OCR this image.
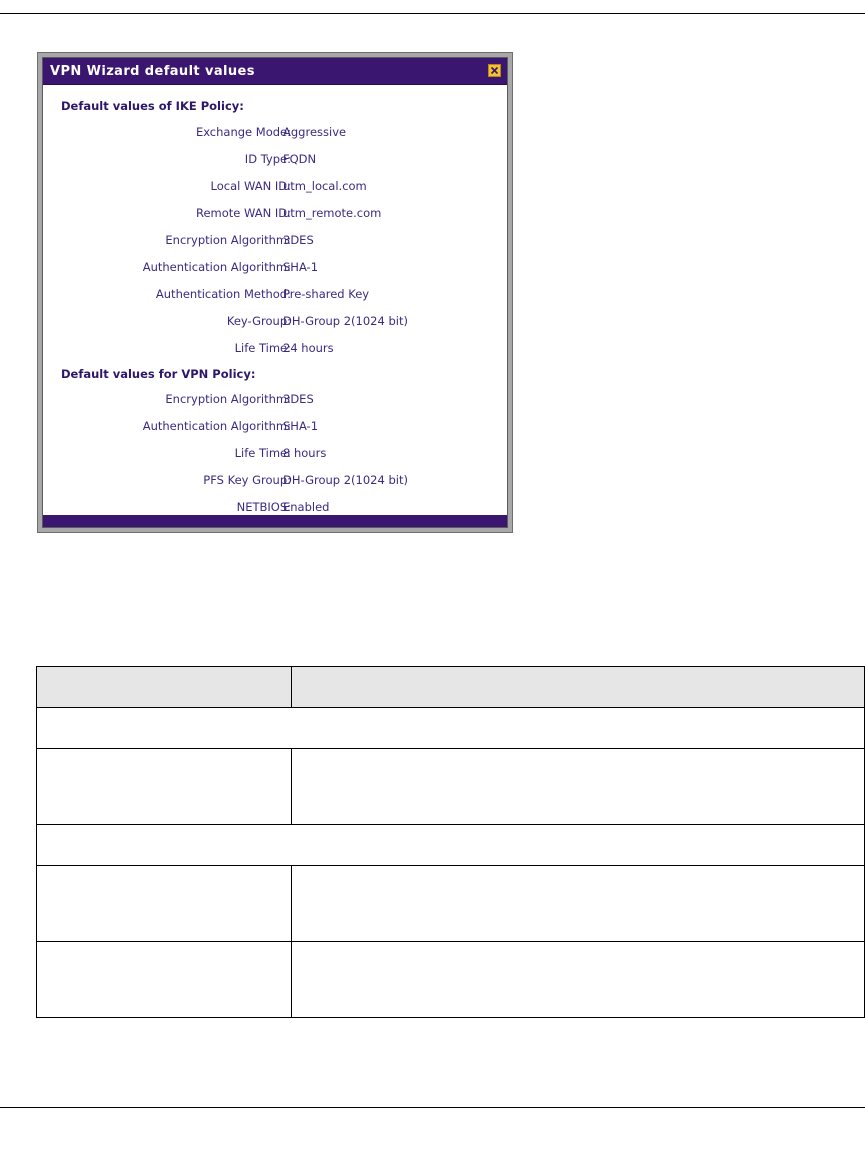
VPN Wizard default values
Default values of IKE Policy:
Exchange Mode:
Aggressive
ID Type:
FQDN
Local WAN ID:
utm_local.com
Remote WAN ID:
utm_remote.com
Encryption Algorithm:
3DES
Authentication Algorithm:
SHA-1
Authentication Method:
Pre-shared Key
Key-Group:
DH-Group 2(1024 bit)
Life Time:
24 hours
Default values for VPN Policy:
Encryption Algorithm:
3DES
Authentication Algorithm:
SHA-1
Life Time:
8 hours
PFS Key Group:
DH-Group 2(1024 bit)
NETBIOS:
Enabled
